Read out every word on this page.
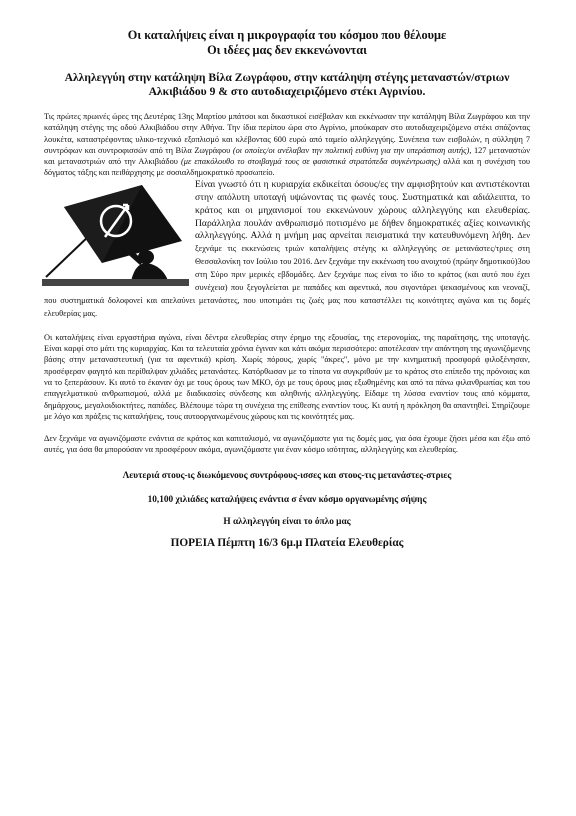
Οι καταλήψεις είναι η μικρογραφία του κόσμου που θέλουμε
Οι ιδέες μας δεν εκκενώνονται
Αλληλεγγύη στην κατάληψη Βίλα Ζωγράφου, στην κατάληψη στέγης μεταναστών/στριων
Αλκιβιάδου 9 & στο αυτοδιαχειριζόμενο στέκι Αγρινίου.
Τις πρώτες πρωινές ώρες της Δευτέρας 13ης Μαρτίου μπάτσοι και δικαστικοί εισέβαλαν και εκκένωσαν την κατάληψη Βίλα Ζωγράφου και την κατάληψη στέγης της οδού Αλκιβιάδου στην Αθήνα. Την ίδια περίπου ώρα στο Αγρίνιο, μπούκαραν στο αυτοδιαχειριζόμενο στέκι σπάζοντας λουκέτα, καταστρέφοντας υλικο-τεχνικό εξοπλισμό και κλέβοντας 600 ευρώ από ταμείο αλληλεγγύης. Συνέπεια των εισβολών, η σύλληψη 7 συντρόφων και συντροφισσών από τη Βίλα Ζωγράφου (οι οποίες/οι ανέλαβαν την πολιτική ευθύνη για την υπεράσπιση αυτής), 127 μεταναστών και μεταναστριών από την Αλκιβιάδου (με επακόλουθο το στοιβαγμά τους σε φασιστικά στρατόπεδα συγκέντρωσης) αλλά και η συνέχιση του δόγματος τάξης και πειθάρχησης με σοσιαλδημοκρατικό προσωπείο.
Είναι γνωστό ότι η κυριαρχία εκδικείται όσους/ες την αμφισβητούν και αντιστέκονται στην απόλυτη υποταγή υψώνοντας τις φωνές τους. Συστηματικά και αδιάλειπτα, το κράτος και οι μηχανισμοί του εκκενώνουν χώρους αλληλεγγύης και ελευθερίας. Παράλληλα πουλάν ανθρωπισμό ποτισμένο με δήθεν δημοκρατικές αξίες κοινωνικής αλληλεγγύης. Αλλά η μνήμη μας αρνείται πεισματικά την κατευθυνόμενη λήθη. Δεν ξεχνάμε τις εκκενώσεις τριών καταλήψεις στέγης κι αλληλεγγύης σε μετανάστες/τριες στη Θεσσαλονίκη τον Ιούλιο του 2016. Δεν ξεχνάμε την εκκένωση του ανοιχτού (πρώην δημοτικού)3ου στη Σύρο πριν μερικές εβδομάδες. Δεν ξεχνάμε πως είναι το ίδιο το κράτος (και αυτό που έχει συνέχεια) που ξεγογλείεται με παπάδες και αφεντικά, που σιγοντάρει ψεκασμένους και νεοναζί, που συστηματικά δολοφονεί και απελαύνει μετανάστες, που υποτιμάει τις ζωές μας που καταστέλλει τις κοινότητες αγώνα και τις δομές ελευθερίας μας.
Οι καταλήψεις είναι εργαστήρια αγώνα, είναι δέντρα ελευθερίας στην έρημο της εξουσίας, της ετερονομίας, της παραίτησης, της υποταγής. Είναι καρφί στο μάτι της κυριαρχίας. Και τα τελευταία χρόνια έγιναν και κάτι ακόμα περισσότερο: αποτέλεσαν την απάντηση της αγωνιζόμενης βάσης στην μεταναστευτική (για τα αφεντικά) κρίση. Χωρίς πόρους, χωρίς "άκρες", μόνο με την κινηματική προσφορά φιλοξένησαν, προσέφεραν φαγητό και περίθαλψαν χιλιάδες μετανάστες. Κατόρθωσαν με το τίποτα να συγκριθούν με το κράτος στο επίπεδο της πρόνοιας και να το ξεπεράσουν. Κι αυτό το έκαναν όχι με τους όρους των ΜΚΟ, όχι με τους όρους μιας εξωθημένης και από τα πάνω φιλανθρωπίας και του επαγγελματικού ανθρωπισμού, αλλά με διαδικασίες σύνδεσης και αληθινής αλληλεγγύης. Είδαμε τη λύσσα εναντίον τους από κόμματα, δημάρχους, μεγαλοιδιοκτήτες, παπάδες. Βλέπουμε τώρα τη συνέχεια της επίθεσης εναντίον τους. Κι αυτή η πρόκληση θα απαντηθεί. Στηρίζουμε με λόγο και πράξεις τις καταλήψεις, τους αυτοοργανωμένους χώρους και τις κοινότητές μας.
Δεν ξεχνάμε να αγωνιζόμαστε ενάντια σε κράτος και καπιταλισμό, να αγωνιζόμαστε για τις δομές μας, για όσα έχουμε ζήσει μέσα και έξω από αυτές, για όσα θα μπορούσαν να προσφέρουν ακόμα, αγωνιζόμαστε για έναν κόσμο ισότητας, αλληλεγγύης και ελευθερίας.
Λευτεριά στους-ις διωκόμενους συντρόφους-ισσες και στους-τις μετανάστες-στριες
10,100 χιλιάδες καταλήψεις ενάντια σ έναν κόσμο οργανωμένης σήψης
Η αλληλεγγύη είναι το όπλο μας
ΠΟΡΕΙΑ Πέμπτη 16/3 6μ.μ Πλατεία Ελευθερίας
